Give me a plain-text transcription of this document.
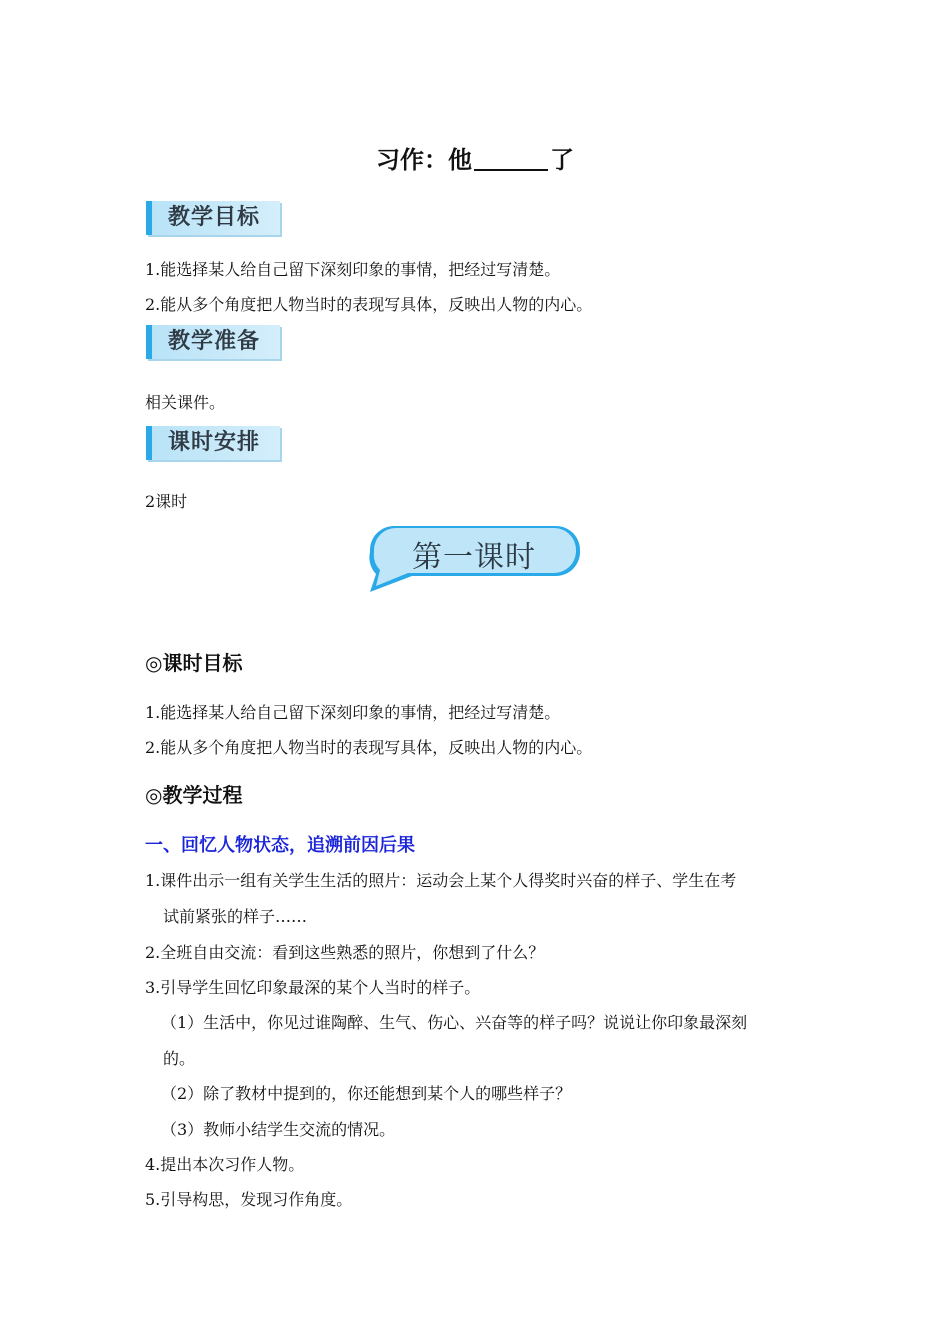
习作：他	了
教学目标
1.能选择某人给自己留下深刻印象的事情，把经过写清楚。
2.能从多个角度把人物当时的表现写具体，反映出人物的内心。
教学准备
相关课件。
课时安排
2课时
第一课时
◎课时目标
1.能选择某人给自己留下深刻印象的事情，把经过写清楚。
2.能从多个角度把人物当时的表现写具体，反映出人物的内心。
◎教学过程
一、回忆人物状态，追溯前因后果
1.课件出示一组有关学生生活的照片：运动会上某个人得奖时兴奋的样子、学生在考
试前紧张的样子……
2.全班自由交流：看到这些熟悉的照片，你想到了什么？
3.引导学生回忆印象最深的某个人当时的样子。
（1）生活中，你见过谁陶醉、生气、伤心、兴奋等的样子吗？说说让你印象最深刻
的。
（2）除了教材中提到的，你还能想到某个人的哪些样子？
（3）教师小结学生交流的情况。
4.提出本次习作人物。
5.引导构思，发现习作角度。
